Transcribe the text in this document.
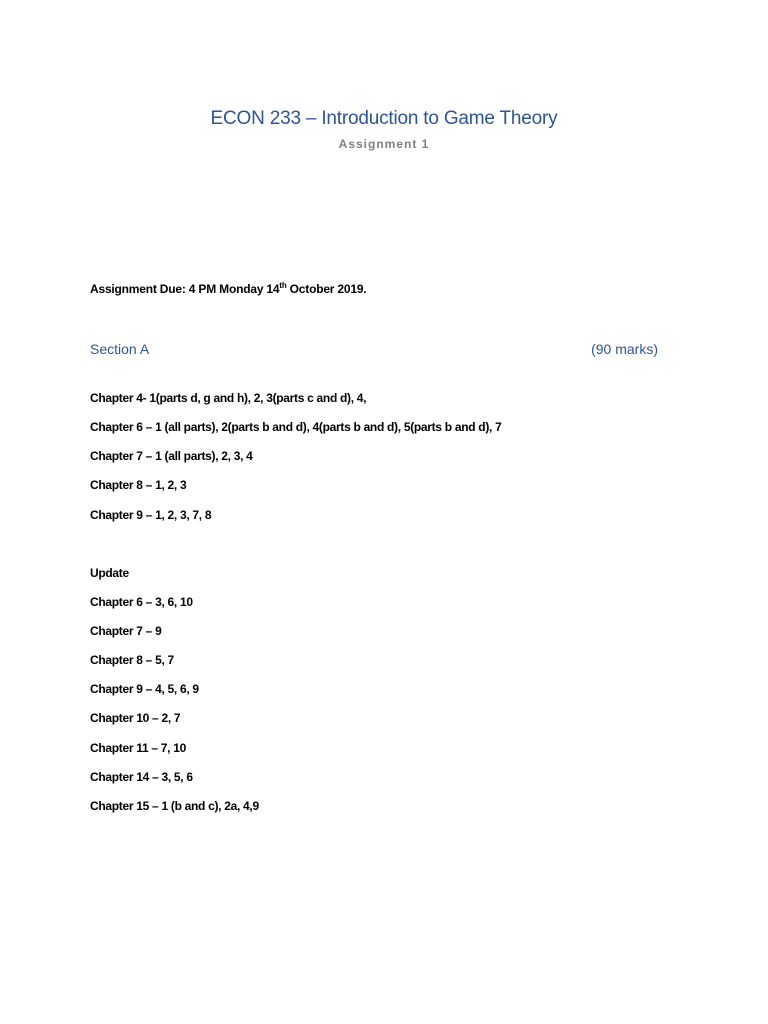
ECON 233 – Introduction to Game Theory
Assignment 1
Assignment Due: 4 PM Monday 14th October 2019.
Section A	(90 marks)
Chapter 4- 1(parts d, g and h), 2, 3(parts c and d), 4,
Chapter 6 – 1 (all parts), 2(parts b and d), 4(parts b and d), 5(parts b and d), 7
Chapter 7 – 1 (all parts), 2, 3, 4
Chapter 8 – 1, 2, 3
Chapter 9 – 1, 2, 3, 7, 8
Update
Chapter 6 – 3, 6, 10
Chapter 7 – 9
Chapter 8 – 5, 7
Chapter 9 – 4, 5, 6, 9
Chapter 10 – 2, 7
Chapter 11 – 7, 10
Chapter 14 – 3, 5, 6
Chapter 15 – 1 (b and c), 2a, 4,9
